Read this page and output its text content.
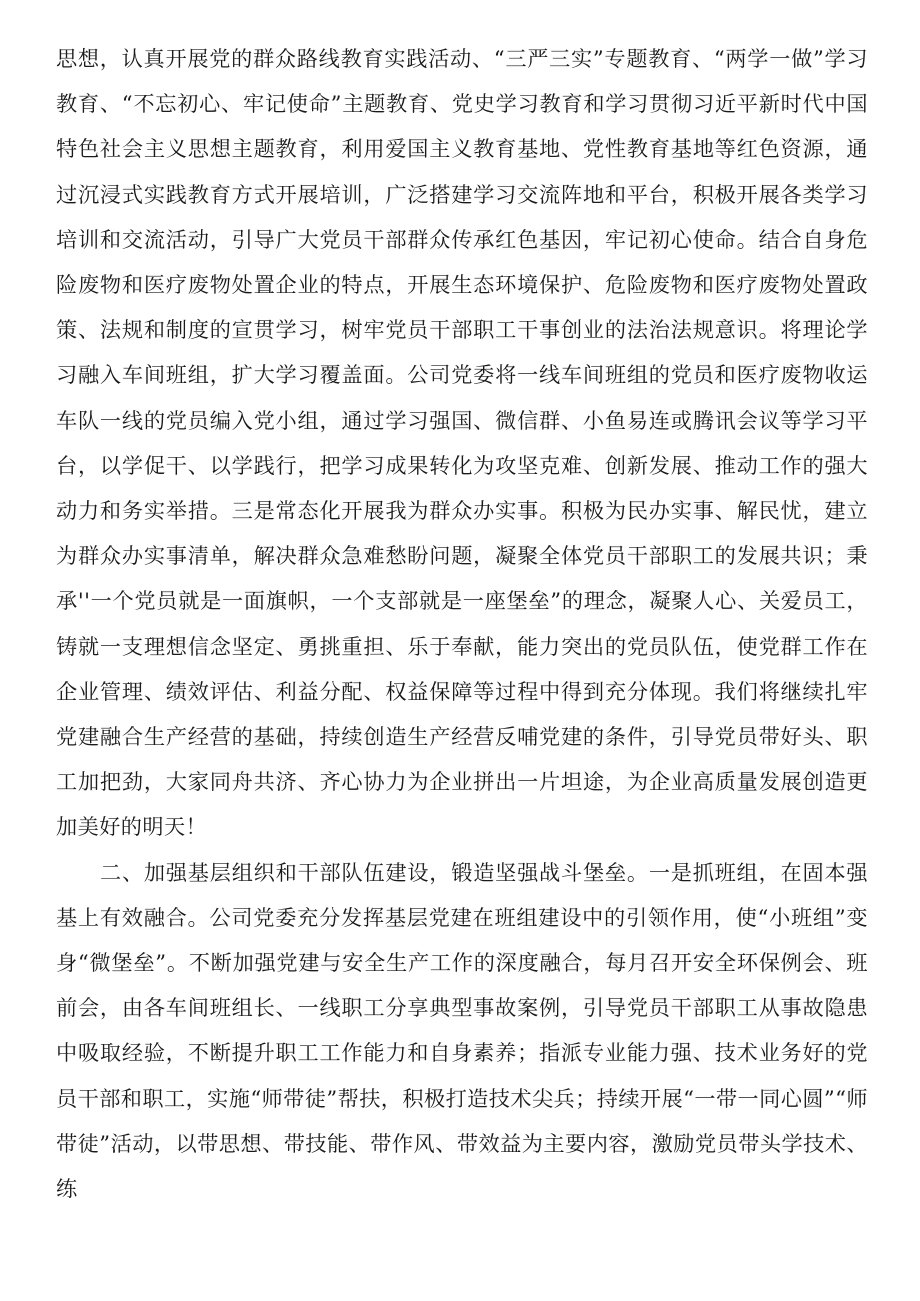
思想，认真开展党的群众路线教育实践活动、“三严三实”专题教育、“两学一做”学习教育、“不忘初心、牢记使命”主题教育、党史学习教育和学习贯彻习近平新时代中国特色社会主义思想主题教育，利用爱国主义教育基地、党性教育基地等红色资源，通过沉浸式实践教育方式开展培训，广泛搭建学习交流阵地和平台，积极开展各类学习培训和交流活动，引导广大党员干部群众传承红色基因，牢记初心使命。结合自身危险废物和医疗废物处置企业的特点，开展生态环境保护、危险废物和医疗废物处置政策、法规和制度的宣贯学习，树牢党员干部职工干事创业的法治法规意识。将理论学习融入车间班组，扩大学习覆盖面。公司党委将一线车间班组的党员和医疗废物收运车队一线的党员编入党小组，通过学习强国、微信群、小鱼易连或腾讯会议等学习平台，以学促干、以学践行，把学习成果转化为攻坚克难、创新发展、推动工作的强大动力和务实举措。三是常态化开展我为群众办实事。积极为民办实事、解民忧，建立为群众办实事清单，解决群众急难愁盼问题，凝聚全体党员干部职工的发展共识；秉承''一个党员就是一面旗帜，一个支部就是一座堡垒”的理念，凝聚人心、关爱员工，铸就一支理想信念坚定、勇挑重担、乐于奉献，能力突出的党员队伍，使党群工作在企业管理、绩效评估、利益分配、权益保障等过程中得到充分体现。我们将继续扎牢党建融合生产经营的基础，持续创造生产经营反哺党建的条件，引导党员带好头、职工加把劲，大家同舟共济、齐心协力为企业拼出一片坦途，为企业高质量发展创造更加美好的明天！

二、加强基层组织和干部队伍建设，锻造坚强战斗堡垒。一是抓班组，在固本强基上有效融合。公司党委充分发挥基层党建在班组建设中的引领作用，使“小班组”变身“微堡垒”。不断加强党建与安全生产工作的深度融合，每月召开安全环保例会、班前会，由各车间班组长、一线职工分享典型事故案例，引导党员干部职工从事故隐患中吸取经验，不断提升职工工作能力和自身素养；指派专业能力强、技术业务好的党员干部和职工，实施“师带徒”帮扶，积极打造技术尖兵；持续开展“一带一同心圆”“师带徒”活动，以带思想、带技能、带作风、带效益为主要内容，激励党员带头学技术、练
